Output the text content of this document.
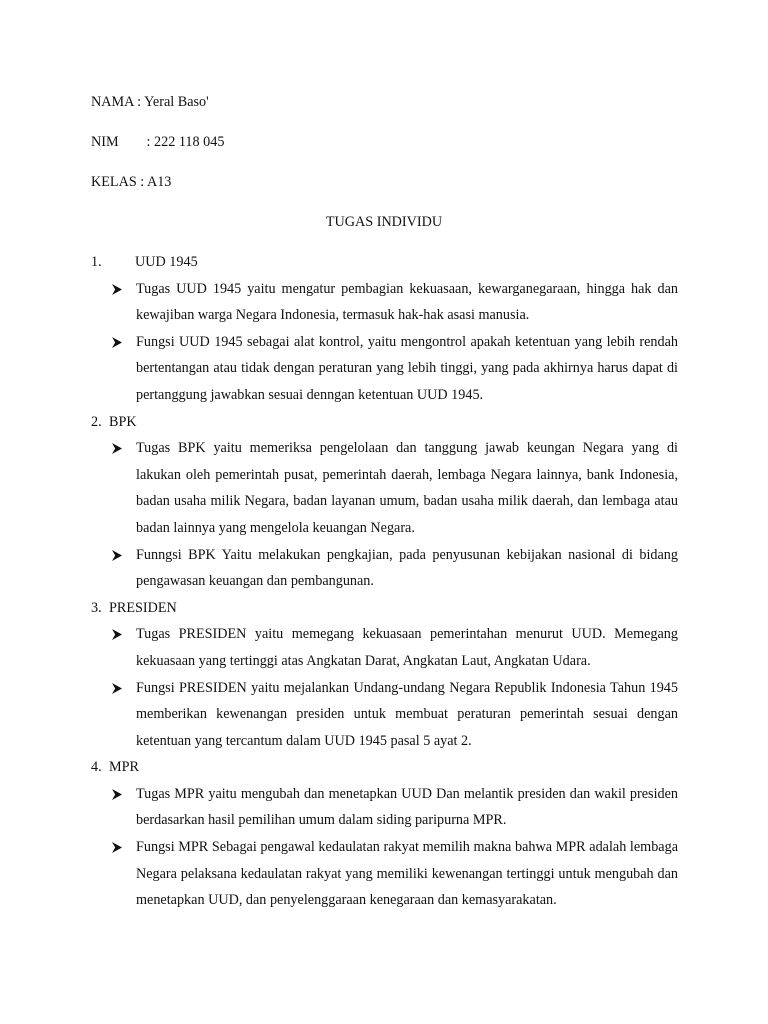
NAMA : Yeral Baso'
NIM : 222 118 045
KELAS : A13
TUGAS INDIVIDU
1.	UUD 1945
Tugas UUD 1945 yaitu mengatur pembagian kekuasaan, kewarganegaraan, hingga hak dan kewajiban warga Negara Indonesia, termasuk hak-hak asasi manusia.
Fungsi UUD 1945 sebagai alat kontrol, yaitu mengontrol apakah ketentuan yang lebih rendah bertentangan atau tidak dengan peraturan yang lebih tinggi, yang pada akhirnya harus dapat di pertanggung jawabkan sesuai denngan ketentuan UUD 1945.
2. BPK
Tugas BPK yaitu memeriksa pengelolaan dan tanggung jawab keungan Negara yang di lakukan oleh pemerintah pusat, pemerintah daerah, lembaga Negara lainnya, bank Indonesia, badan usaha milik Negara, badan layanan umum, badan usaha milik daerah, dan lembaga atau badan lainnya yang mengelola keuangan Negara.
Funngsi BPK Yaitu melakukan pengkajian, pada penyusunan kebijakan nasional di bidang pengawasan keuangan dan pembangunan.
3. PRESIDEN
Tugas PRESIDEN yaitu memegang kekuasaan pemerintahan menurut UUD. Memegang kekuasaan yang tertinggi atas Angkatan Darat, Angkatan Laut, Angkatan Udara.
Fungsi PRESIDEN yaitu mejalankan Undang-undang Negara Republik Indonesia Tahun 1945 memberikan kewenangan presiden untuk membuat peraturan pemerintah sesuai dengan ketentuan yang tercantum dalam UUD 1945 pasal 5 ayat 2.
4. MPR
Tugas MPR yaitu mengubah dan menetapkan UUD Dan melantik presiden dan wakil presiden berdasarkan hasil pemilihan umum dalam siding paripurna MPR.
Fungsi MPR Sebagai pengawal kedaulatan rakyat memilih makna bahwa MPR adalah lembaga Negara pelaksana kedaulatan rakyat yang memiliki kewenangan tertinggi untuk mengubah dan menetapkan UUD, dan penyelenggaraan kenegaraan dan kemasyarakatan.
